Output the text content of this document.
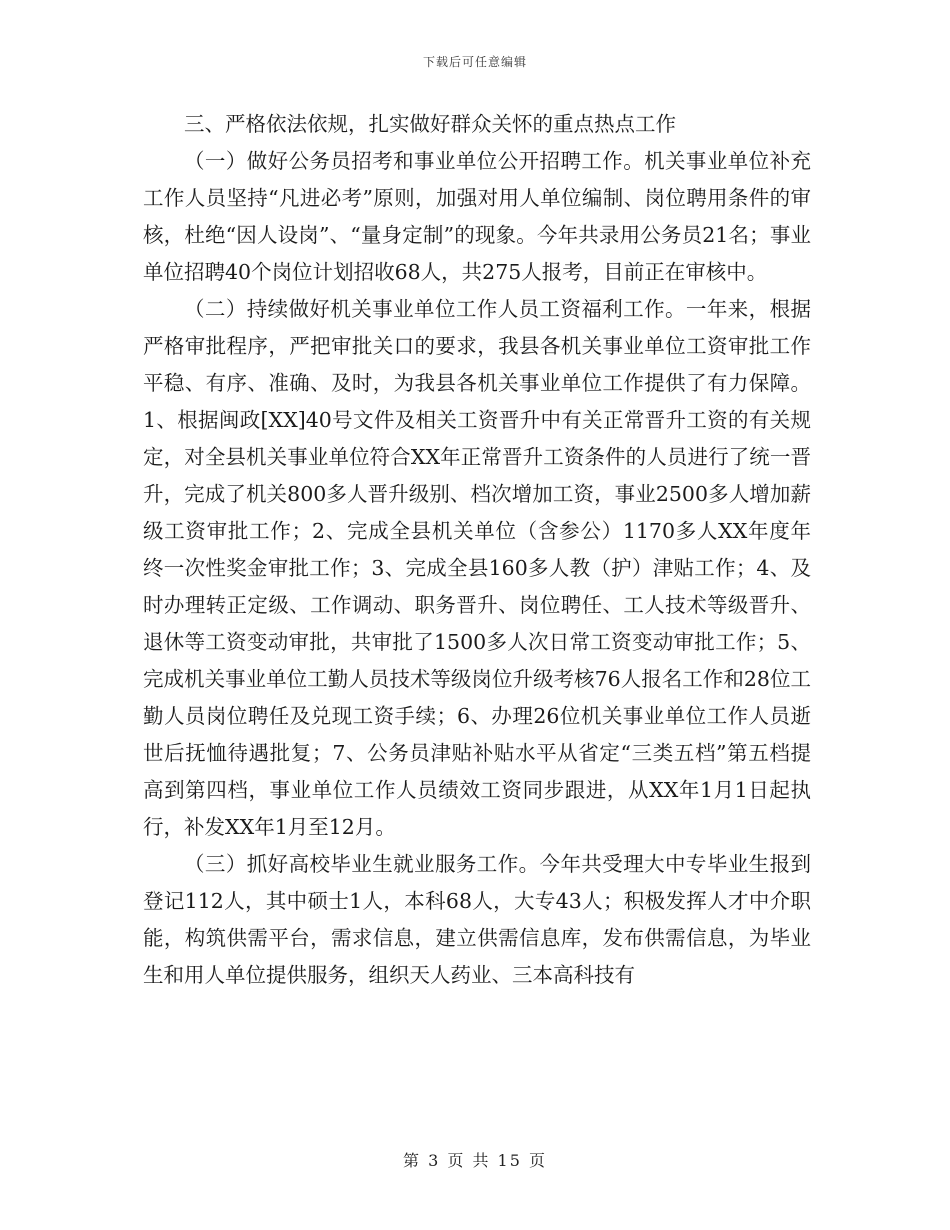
下载后可任意编辑

三、严格依法依规，扎实做好群众关怀的重点热点工作

（一）做好公务员招考和事业单位公开招聘工作。机关事业单位补充工作人员坚持“凡进必考”原则，加强对用人单位编制、岗位聘用条件的审核，杜绝“因人设岗”、“量身定制”的现象。今年共录用公务员21名；事业单位招聘40个岗位计划招收68人，共275人报考，目前正在审核中。

（二）持续做好机关事业单位工作人员工资福利工作。一年来，根据严格审批程序，严把审批关口的要求，我县各机关事业单位工资审批工作平稳、有序、准确、及时，为我县各机关事业单位工作提供了有力保障。1、根据闽政[XX]40号文件及相关工资晋升中有关正常晋升工资的有关规定，对全县机关事业单位符合XX年正常晋升工资条件的人员进行了统一晋升，完成了机关800多人晋升级别、档次增加工资，事业2500多人增加薪级工资审批工作；2、完成全县机关单位（含参公）1170多人XX年度年终一次性奖金审批工作；3、完成全县160多人教（护）津贴工作；4、及时办理转正定级、工作调动、职务晋升、岗位聘任、工人技术等级晋升、退休等工资变动审批，共审批了1500多人次日常工资变动审批工作；5、完成机关事业单位工勤人员技术等级岗位升级考核76人报名工作和28位工勤人员岗位聘任及兑现工资手续；6、办理26位机关事业单位工作人员逝世后抚恤待遇批复；7、公务员津贴补贴水平从省定“三类五档”第五档提高到第四档，事业单位工作人员绩效工资同步跟进，从XX年1月1日起执行，补发XX年1月至12月。

（三）抓好高校毕业生就业服务工作。今年共受理大中专毕业生报到登记112人，其中硕士1人，本科68人，大专43人；积极发挥人才中介职能，构筑供需平台，需求信息，建立供需信息库，发布供需信息，为毕业生和用人单位提供服务，组织天人药业、三本高科技有

第 3 页 共 15 页
